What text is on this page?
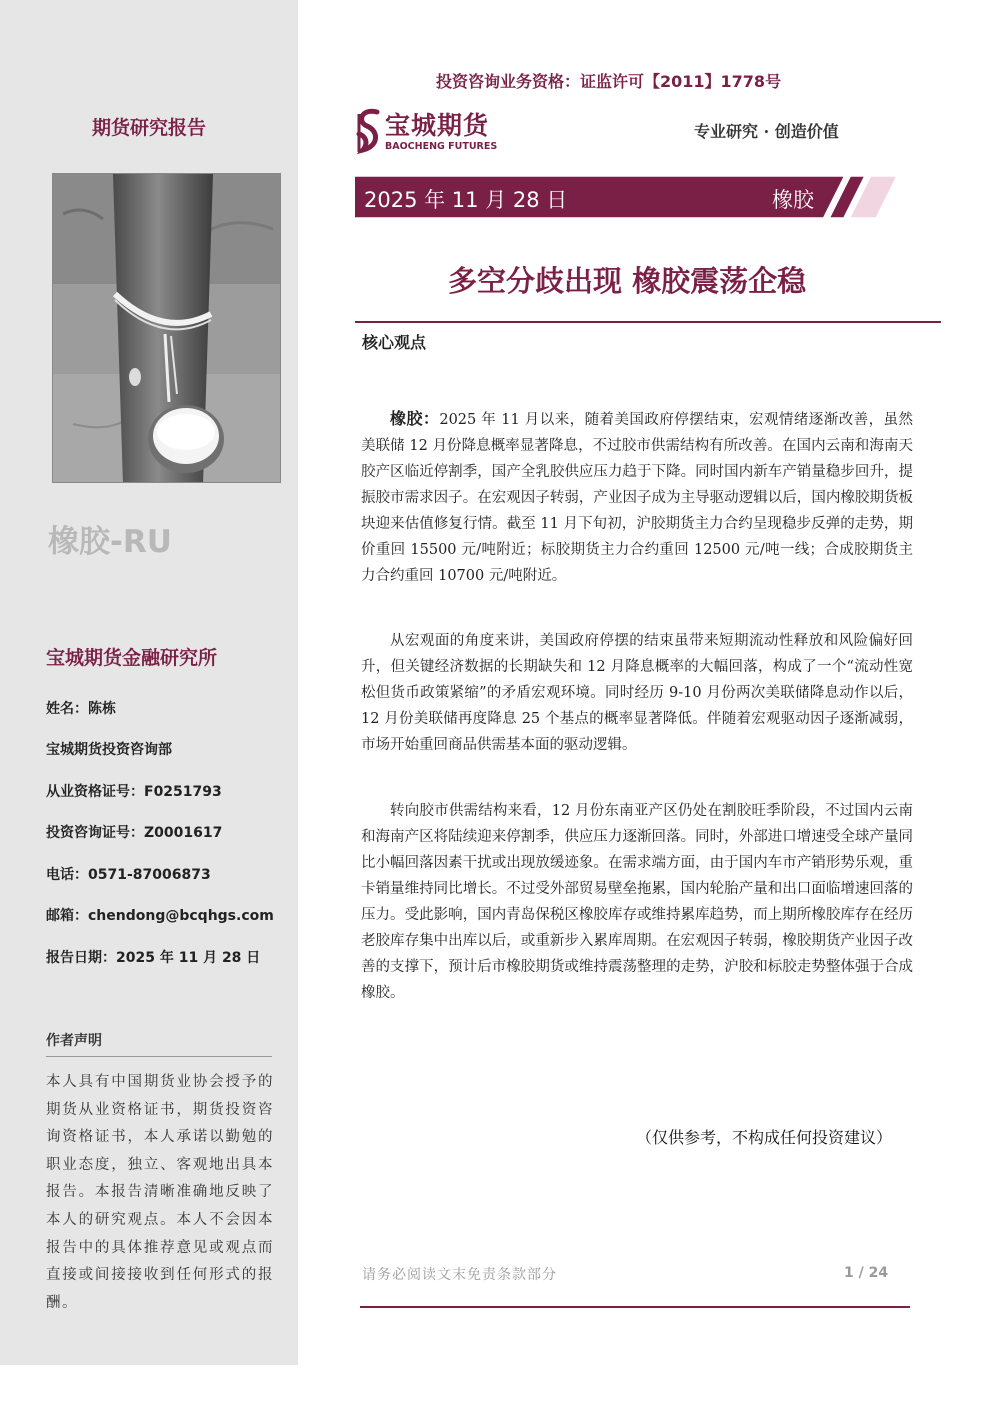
期货研究报告
橡胶-RU
宝城期货金融研究所
姓名：陈栋
宝城期货投资咨询部
从业资格证号：F0251793
投资咨询证号：Z0001617
电话：0571-87006873
邮箱：chendong@bcqhgs.com
报告日期：2025 年 11 月 28 日
作者声明
本人具有中国期货业协会授予的期货从业资格证书，期货投资咨询资格证书，本人承诺以勤勉的职业态度，独立、客观地出具本报告。本报告清晰准确地反映了本人的研究观点。本人不会因本报告中的具体推荐意见或观点而直接或间接接收到任何形式的报酬。
投资咨询业务资格：证监许可【2011】1778号
宝城期货
BAOCHENG FUTURES
专业研究 · 创造价值
2025 年 11 月 28 日	橡胶
多空分歧出现 橡胶震荡企稳
核心观点

橡胶：2025 年 11 月以来，随着美国政府停摆结束，宏观情绪逐渐改善，虽然美联储 12 月份降息概率显著降息，不过胶市供需结构有所改善。在国内云南和海南天胶产区临近停割季，国产全乳胶供应压力趋于下降。同时国内新车产销量稳步回升，提振胶市需求因子。在宏观因子转弱，产业因子成为主导驱动逻辑以后，国内橡胶期货板块迎来估值修复行情。截至 11 月下旬初，沪胶期货主力合约呈现稳步反弹的走势，期价重回 15500 元/吨附近；标胶期货主力合约重回 12500 元/吨一线；合成胶期货主力合约重回 10700 元/吨附近。

从宏观面的角度来讲，美国政府停摆的结束虽带来短期流动性释放和风险偏好回升，但关键经济数据的长期缺失和 12 月降息概率的大幅回落，构成了一个“流动性宽松但货币政策紧缩”的矛盾宏观环境。同时经历 9-10 月份两次美联储降息动作以后，12 月份美联储再度降息 25 个基点的概率显著降低。伴随着宏观驱动因子逐渐减弱，市场开始重回商品供需基本面的驱动逻辑。

转向胶市供需结构来看，12 月份东南亚产区仍处在割胶旺季阶段，不过国内云南和海南产区将陆续迎来停割季，供应压力逐渐回落。同时，外部进口增速受全球产量同比小幅回落因素干扰或出现放缓迹象。在需求端方面，由于国内车市产销形势乐观，重卡销量维持同比增长。不过受外部贸易壁垒拖累，国内轮胎产量和出口面临增速回落的压力。受此影响，国内青岛保税区橡胶库存或维持累库趋势，而上期所橡胶库存在经历老胶库存集中出库以后，或重新步入累库周期。在宏观因子转弱，橡胶期货产业因子改善的支撑下，预计后市橡胶期货或维持震荡整理的走势，沪胶和标胶走势整体强于合成橡胶。

（仅供参考，不构成任何投资建议）
请务必阅读文末免责条款部分	1 / 24
